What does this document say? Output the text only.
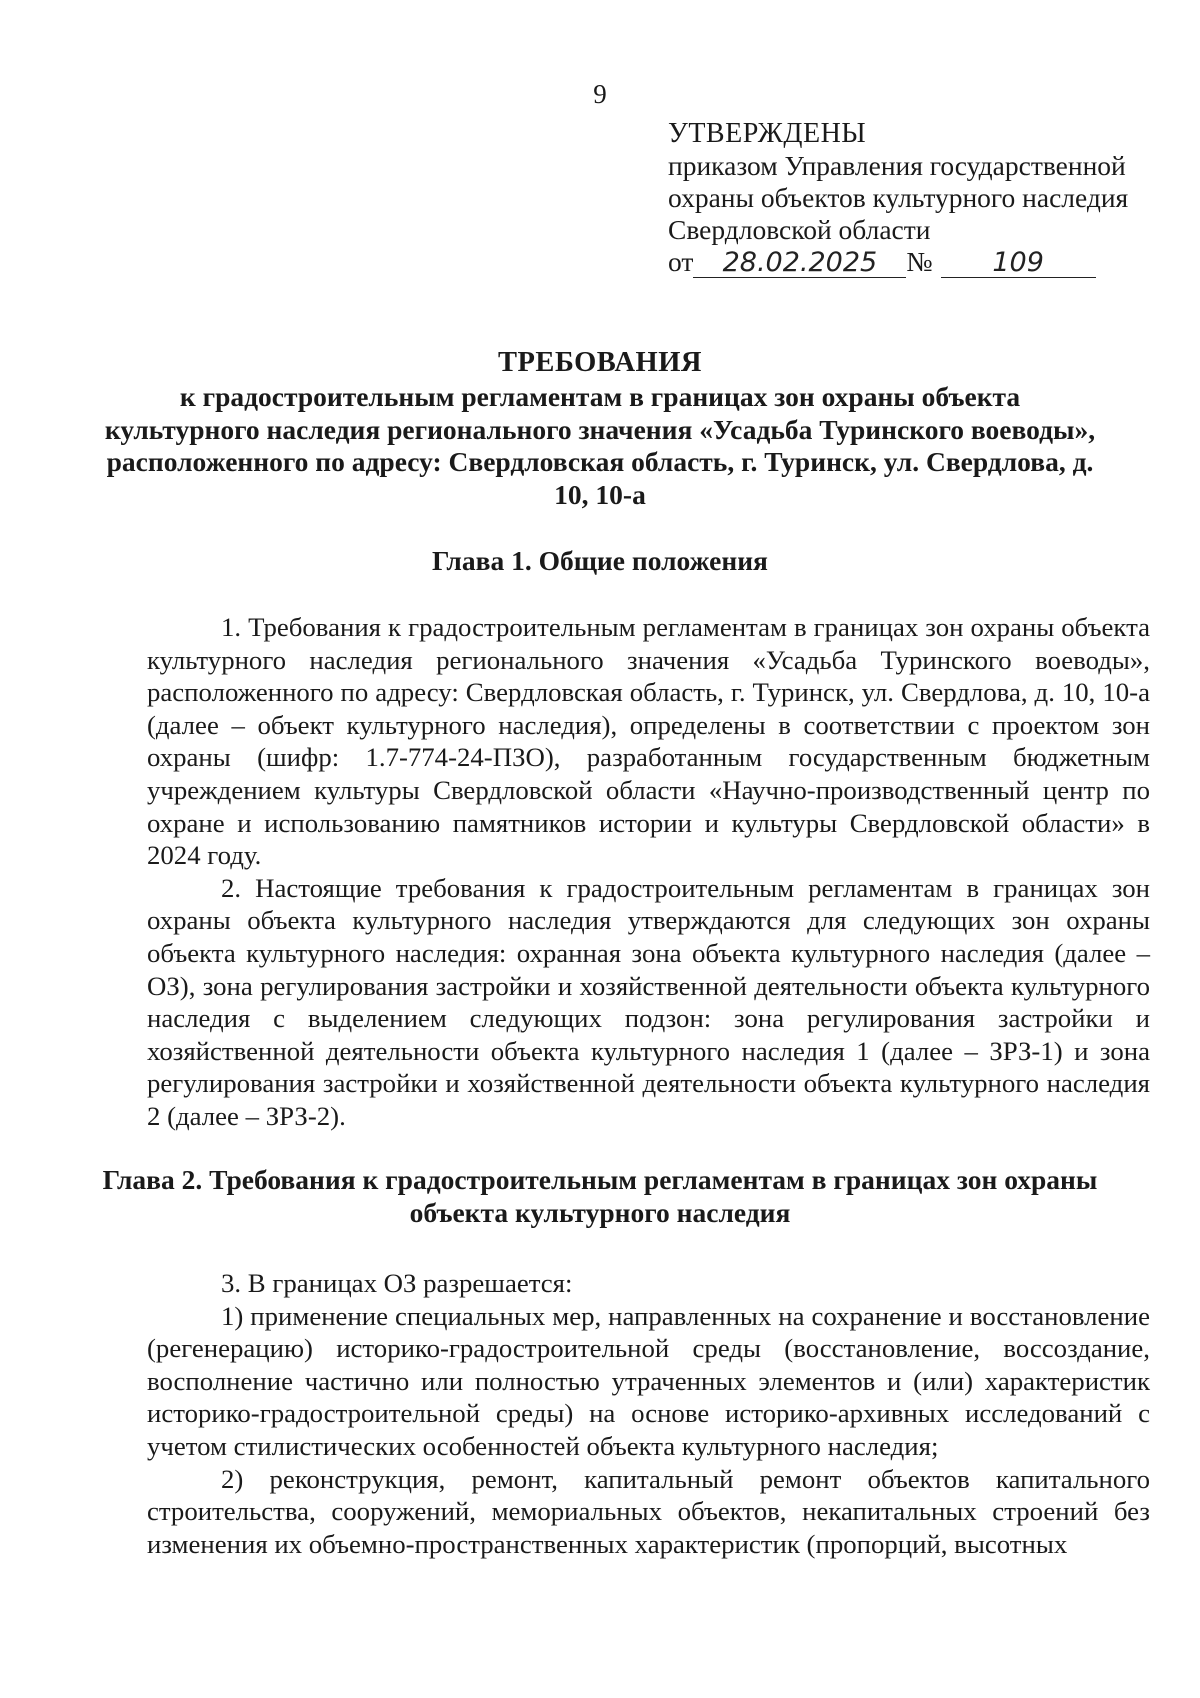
9
УТВЕРЖДЕНЫ
приказом Управления государственной
охраны объектов культурного наследия
Свердловской области
от 28.02.2025 № 109
ТРЕБОВАНИЯ
к градостроительным регламентам в границах зон охраны объекта культурного наследия регионального значения «Усадьба Туринского воеводы», расположенного по адресу: Свердловская область, г. Туринск, ул. Свердлова, д. 10, 10-а
Глава 1. Общие положения

1. Требования к градостроительным регламентам в границах зон охраны объекта культурного наследия регионального значения «Усадьба Туринского воеводы», расположенного по адресу: Свердловская область, г. Туринск, ул. Свердлова, д. 10, 10-а (далее – объект культурного наследия), определены в соответствии с проектом зон охраны (шифр: 1.7-774-24-ПЗО), разработанным государственным бюджетным учреждением культуры Свердловской области «Научно-производственный центр по охране и использованию памятников истории и культуры Свердловской области» в 2024 году.

2. Настоящие требования к градостроительным регламентам в границах зон охраны объекта культурного наследия утверждаются для следующих зон охраны объекта культурного наследия: охранная зона объекта культурного наследия (далее – ОЗ), зона регулирования застройки и хозяйственной деятельности объекта культурного наследия с выделением следующих подзон: зона регулирования застройки и хозяйственной деятельности объекта культурного наследия 1 (далее – ЗРЗ-1) и зона регулирования застройки и хозяйственной деятельности объекта культурного наследия 2 (далее – ЗРЗ-2).

Глава 2. Требования к градостроительным регламентам в границах зон охраны объекта культурного наследия

3. В границах ОЗ разрешается:

1) применение специальных мер, направленных на сохранение и восстановление (регенерацию) историко-градостроительной среды (восстановление, воссоздание, восполнение частично или полностью утраченных элементов и (или) характеристик историко-градостроительной среды) на основе историко-архивных исследований с учетом стилистических особенностей объекта культурного наследия;

2) реконструкция, ремонт, капитальный ремонт объектов капитального строительства, сооружений, мемориальных объектов, некапитальных строений без изменения их объемно-пространственных характеристик (пропорций, высотных
